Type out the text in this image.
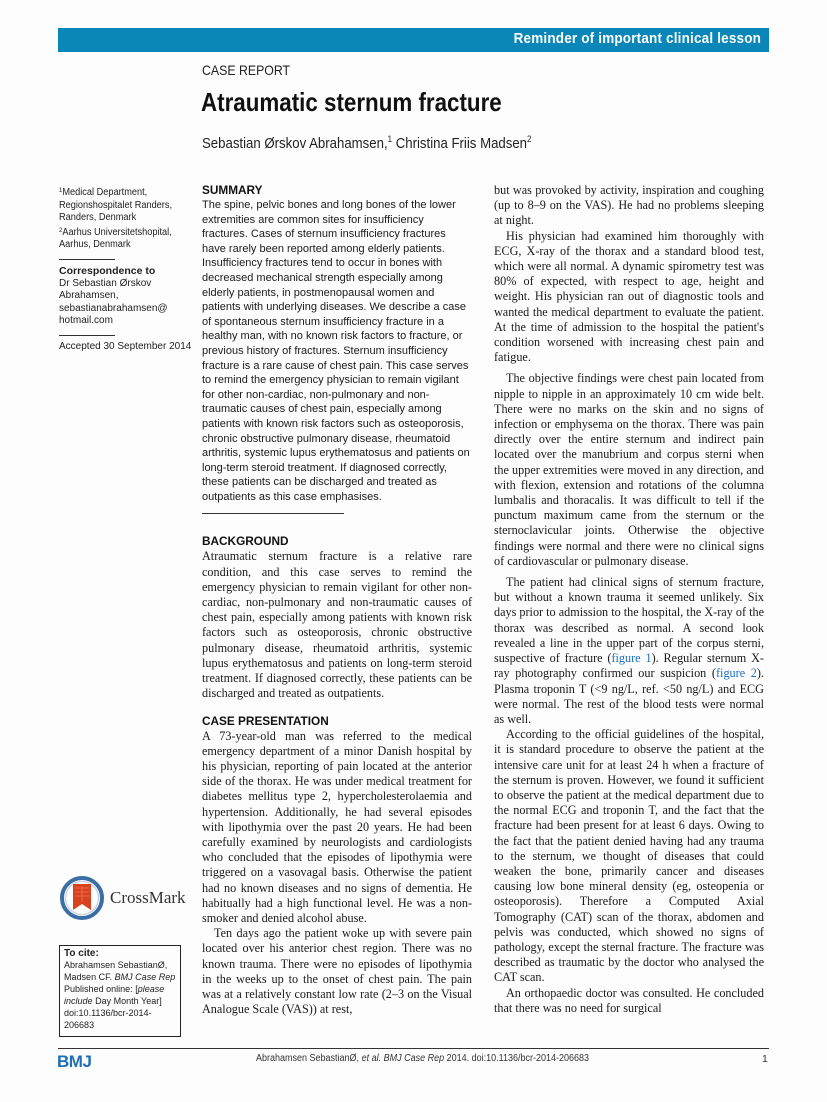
Reminder of important clinical lesson
CASE REPORT
Atraumatic sternum fracture
Sebastian Ørskov Abrahamsen,$^1$ Christina Friis Madsen$^2$
$^1$Medical Department, Regionshospitalet Randers, Randers, Denmark
$^2$Aarhus Universitetshopital, Aarhus, Denmark
Correspondence to
Dr Sebastian Ørskov
Abrahamsen,
sebastianabrahamsen@
hotmail.com
Accepted 30 September 2014
CrossMark
To cite:
Abrahamsen SebastianØ,
Madsen CF. BMJ Case Rep
Published online: [please
include Day Month Year]
doi:10.1136/bcr-2014-
206683
SUMMARY

The spine, pelvic bones and long bones of the lower extremities are common sites for insufficiency fractures. Cases of sternum insufficiency fractures have rarely been reported among elderly patients. Insufficiency fractures tend to occur in bones with decreased mechanical strength especially among elderly patients, in postmenopausal women and patients with underlying diseases. We describe a case of spontaneous sternum insufficiency fracture in a healthy man, with no known risk factors to fracture, or previous history of fractures. Sternum insufficiency fracture is a rare cause of chest pain. This case serves to remind the emergency physician to remain vigilant for other non-cardiac, non-pulmonary and non-traumatic causes of chest pain, especially among patients with known risk factors such as osteoporosis, chronic obstructive pulmonary disease, rheumatoid arthritis, systemic lupus erythematosus and patients on long-term steroid treatment. If diagnosed correctly, these patients can be discharged and treated as outpatients as this case emphasises.

BACKGROUND

Atraumatic sternum fracture is a relative rare condition, and this case serves to remind the emergency physician to remain vigilant for other non-cardiac, non-pulmonary and non-traumatic causes of chest pain, especially among patients with known risk factors such as osteoporosis, chronic obstructive pulmonary disease, rheumatoid arthritis, systemic lupus erythematosus and patients on long-term steroid treatment. If diagnosed correctly, these patients can be discharged and treated as outpatients.

CASE PRESENTATION

A 73-year-old man was referred to the medical emergency department of a minor Danish hospital by his physician, reporting of pain located at the anterior side of the thorax. He was under medical treatment for diabetes mellitus type 2, hypercholesterolaemia and hypertension. Additionally, he had several episodes with lipothymia over the past 20 years. He had been carefully examined by neurologists and cardiologists who concluded that the episodes of lipothymia were triggered on a vasovagal basis. Otherwise the patient had no known diseases and no signs of dementia. He habitually had a high functional level. He was a non-smoker and denied alcohol abuse.

Ten days ago the patient woke up with severe pain located over his anterior chest region. There was no known trauma. There were no episodes of lipothymia in the weeks up to the onset of chest pain. The pain was at a relatively constant low rate (2–3 on the Visual Analogue Scale (VAS)) at rest,

but was provoked by activity, inspiration and coughing (up to 8–9 on the VAS). He had no problems sleeping at night.

His physician had examined him thoroughly with ECG, X-ray of the thorax and a standard blood test, which were all normal. A dynamic spirometry test was 80% of expected, with respect to age, height and weight. His physician ran out of diagnostic tools and wanted the medical department to evaluate the patient. At the time of admission to the hospital the patient's condition worsened with increasing chest pain and fatigue.

The objective findings were chest pain located from nipple to nipple in an approximately 10 cm wide belt. There were no marks on the skin and no signs of infection or emphysema on the thorax. There was pain directly over the entire sternum and indirect pain located over the manubrium and corpus sterni when the upper extremities were moved in any direction, and with flexion, extension and rotations of the columna lumbalis and thoracalis. It was difficult to tell if the punctum maximum came from the sternum or the sternoclavicular joints. Otherwise the objective findings were normal and there were no clinical signs of cardiovascular or pulmonary disease.

The patient had clinical signs of sternum fracture, but without a known trauma it seemed unlikely. Six days prior to admission to the hospital, the X-ray of the thorax was described as normal. A second look revealed a line in the upper part of the corpus sterni, suspective of fracture (figure 1). Regular sternum X-ray photography confirmed our suspicion (figure 2). Plasma troponin T (<9 ng/L, ref. <50 ng/L) and ECG were normal. The rest of the blood tests were normal as well.

According to the official guidelines of the hospital, it is standard procedure to observe the patient at the intensive care unit for at least 24 h when a fracture of the sternum is proven. However, we found it sufficient to observe the patient at the medical department due to the normal ECG and troponin T, and the fact that the fracture had been present for at least 6 days. Owing to the fact that the patient denied having had any trauma to the sternum, we thought of diseases that could weaken the bone, primarily cancer and diseases causing low bone mineral density (eg, osteopenia or osteoporosis). Therefore a Computed Axial Tomography (CAT) scan of the thorax, abdomen and pelvis was conducted, which showed no signs of pathology, except the sternal fracture. The fracture was described as traumatic by the doctor who analysed the CAT scan.

An orthopaedic doctor was consulted. He concluded that there was no need for surgical

BMJ	Abrahamsen SebastianØ, et al. BMJ Case Rep 2014. doi:10.1136/bcr-2014-206683	1
